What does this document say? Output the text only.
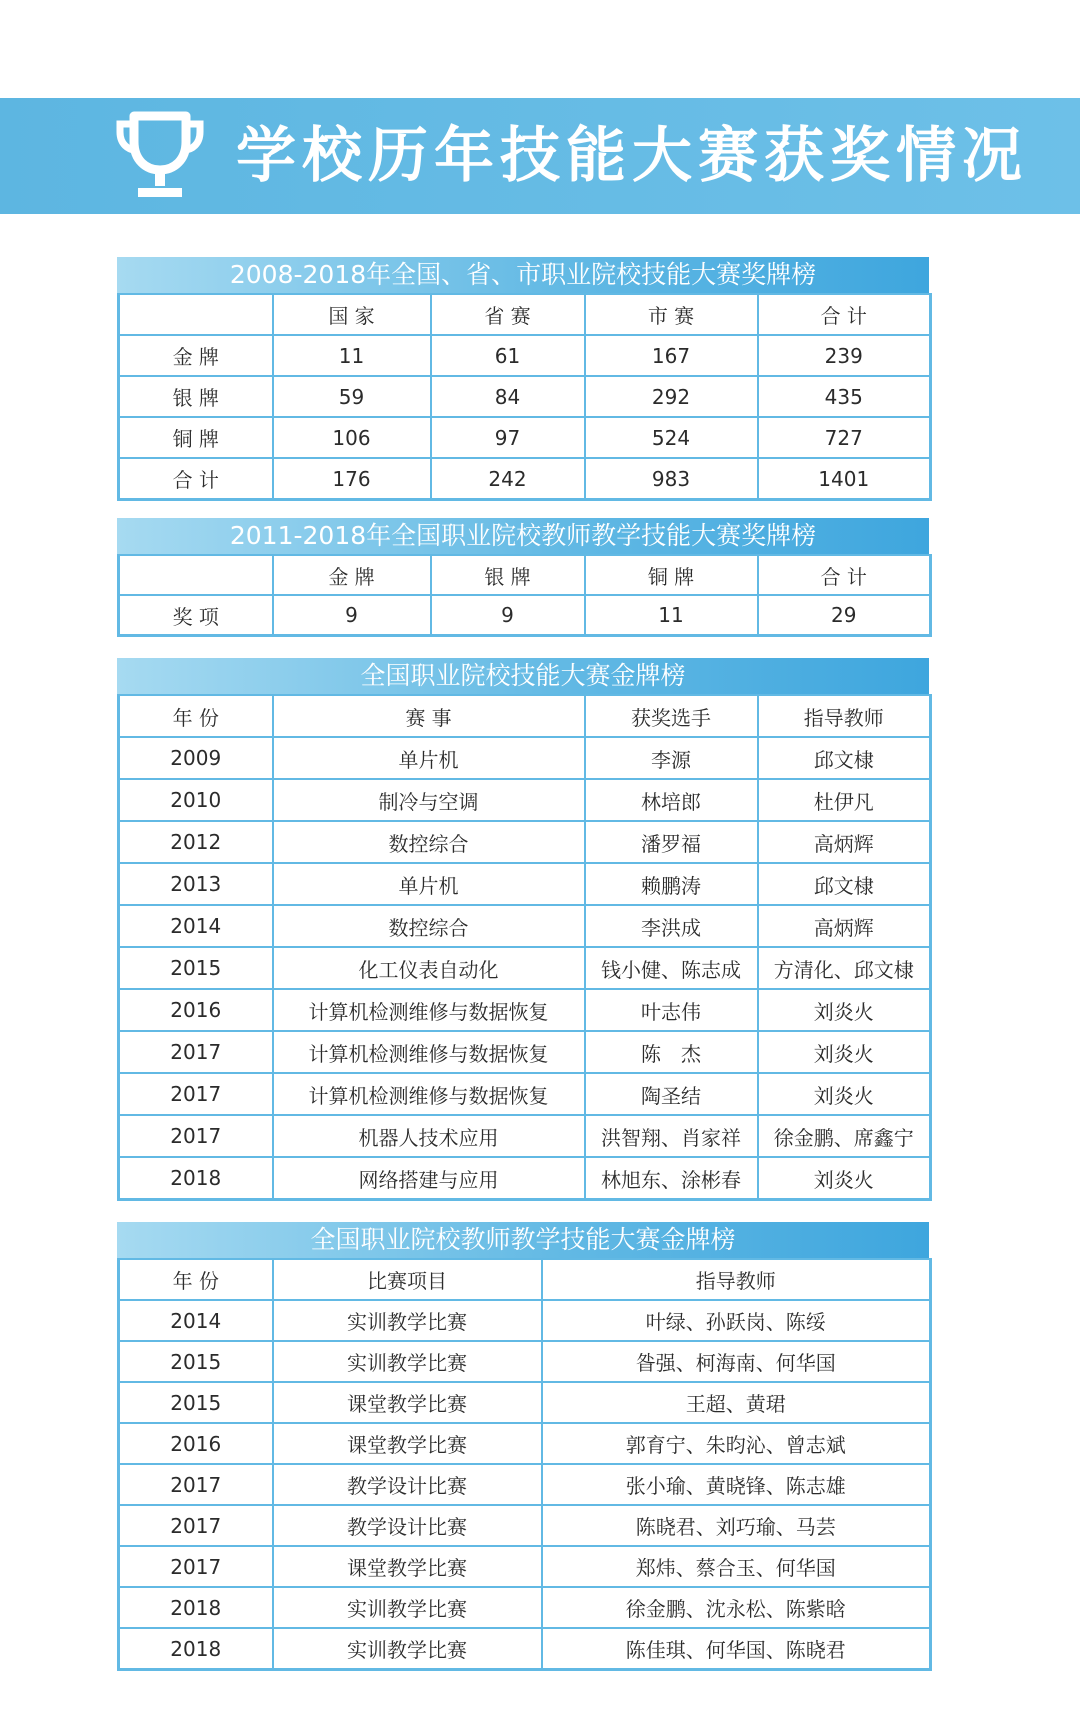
学校历年技能大赛获奖情况
2008-2018年全国、省、市职业院校技能大赛奖牌榜
	国 家	省 赛	市 赛	合 计
金 牌	11	61	167	239
银 牌	59	84	292	435
铜 牌	106	97	524	727
合 计	176	242	983	1401
2011-2018年全国职业院校教师教学技能大赛奖牌榜
	金 牌	银 牌	铜 牌	合 计
奖 项	9	9	11	29
全国职业院校技能大赛金牌榜
年 份	赛 事	获奖选手	指导教师
2009	单片机	李源	邱文棣
2010	制冷与空调	林培郎	杜伊凡
2012	数控综合	潘罗福	高炳辉
2013	单片机	赖鹏涛	邱文棣
2014	数控综合	李洪成	高炳辉
2015	化工仪表自动化	钱小健、陈志成	方清化、邱文棣
2016	计算机检测维修与数据恢复	叶志伟	刘炎火
2017	计算机检测维修与数据恢复	陈　杰	刘炎火
2017	计算机检测维修与数据恢复	陶圣结	刘炎火
2017	机器人技术应用	洪智翔、肖家祥	徐金鹏、席鑫宁
2018	网络搭建与应用	林旭东、涂彬春	刘炎火
全国职业院校教师教学技能大赛金牌榜
年 份	比赛项目	指导教师
2014	实训教学比赛	叶绿、孙跃岗、陈绥
2015	实训教学比赛	昝强、柯海南、何华国
2015	课堂教学比赛	王超、黄珺
2016	课堂教学比赛	郭育宁、朱昀沁、曾志斌
2017	教学设计比赛	张小瑜、黄晓锋、陈志雄
2017	教学设计比赛	陈晓君、刘巧瑜、马芸
2017	课堂教学比赛	郑炜、蔡合玉、何华国
2018	实训教学比赛	徐金鹏、沈永松、陈紫晗
2018	实训教学比赛	陈佳琪、何华国、陈晓君
